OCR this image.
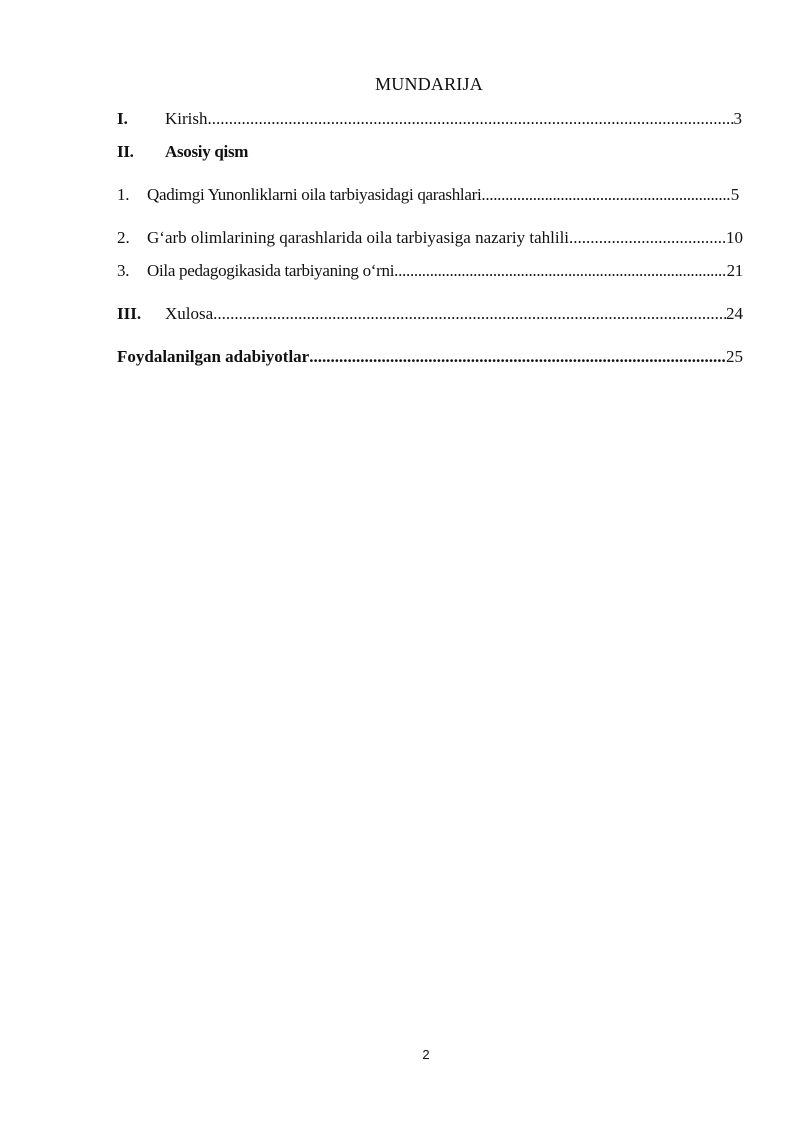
MUNDARIJA
I.	Kirish .....	3
II.	Asosiy qism
1.	Qadimgi Yunonliklarni oila tarbiyasidagi qarashlari .....	5
2.	G‘arb olimlarining qarashlarida oila tarbiyasiga nazariy tahlili .....	10
3.	Oila pedagogikasida tarbiyaning o‘rni .....	21
III.	Xulosa .....	24
Foydalanilgan adabiyotlar .....	25
2
